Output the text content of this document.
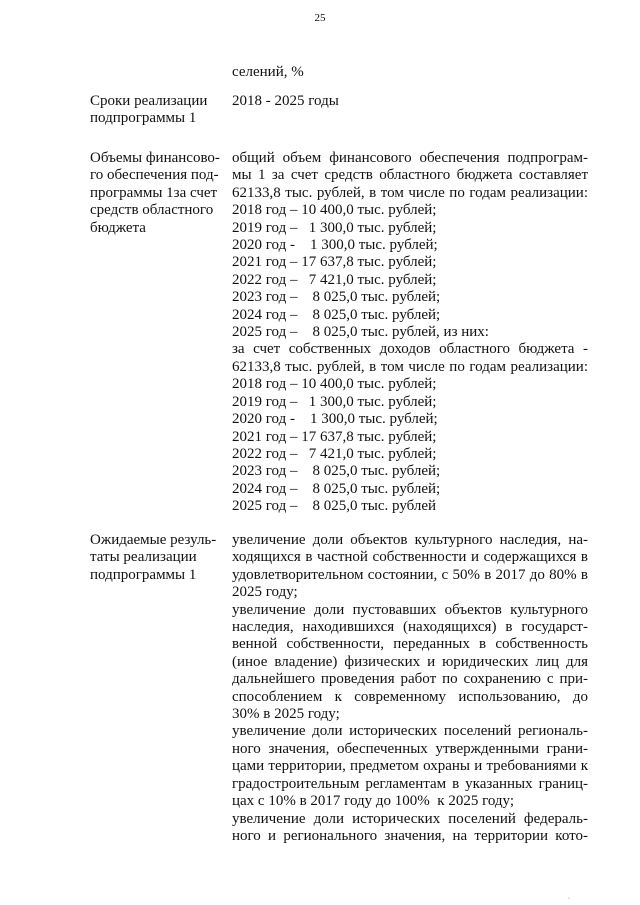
25
селений, %
Сроки реализации
подпрограммы 1
2018 - 2025 годы
Объемы финансово-
го обеспечения под-
программы 1за счет
средств областного
бюджета
общий объем финансового обеспечения подпрограм-
мы 1 за счет средств областного бюджета составляет
62133,8 тыс. рублей, в том числе по годам реализации:
2018 год – 10 400,0 тыс. рублей;
2019 год –   1 300,0 тыс. рублей;
2020 год -    1 300,0 тыс. рублей;
2021 год – 17 637,8 тыс. рублей;
2022 год –   7 421,0 тыс. рублей;
2023 год –    8 025,0 тыс. рублей;
2024 год –    8 025,0 тыс. рублей;
2025 год –    8 025,0 тыс. рублей, из них:
за счет собственных доходов областного бюджета -
62133,8 тыс. рублей, в том числе по годам реализации:
2018 год – 10 400,0 тыс. рублей;
2019 год –   1 300,0 тыс. рублей;
2020 год -    1 300,0 тыс. рублей;
2021 год – 17 637,8 тыс. рублей;
2022 год –   7 421,0 тыс. рублей;
2023 год –    8 025,0 тыс. рублей;
2024 год –    8 025,0 тыс. рублей;
2025 год –    8 025,0 тыс. рублей
Ожидаемые резуль-
таты реализации
подпрограммы 1
увеличение доли объектов культурного наследия, на-
ходящихся в частной собственности и содержащихся в
удовлетворительном состоянии, с 50% в 2017 до 80% в
2025 году;
увеличение доли пустовавших объектов культурного
наследия, находившихся (находящихся) в государст-
венной собственности, переданных в собственность
(иное владение) физических и юридических лиц для
дальнейшего проведения работ по сохранению с при-
способлением к современному использованию, до
30% в 2025 году;
увеличение доли исторических поселений региональ-
ного значения, обеспеченных утвержденными грани-
цами территории, предметом охраны и требованиями к
градостроительным регламентам в указанных границ-
цах с 10% в 2017 году до 100%  к 2025 году;
увеличение доли исторических поселений федераль-
ного и регионального значения, на территории кото-
·
